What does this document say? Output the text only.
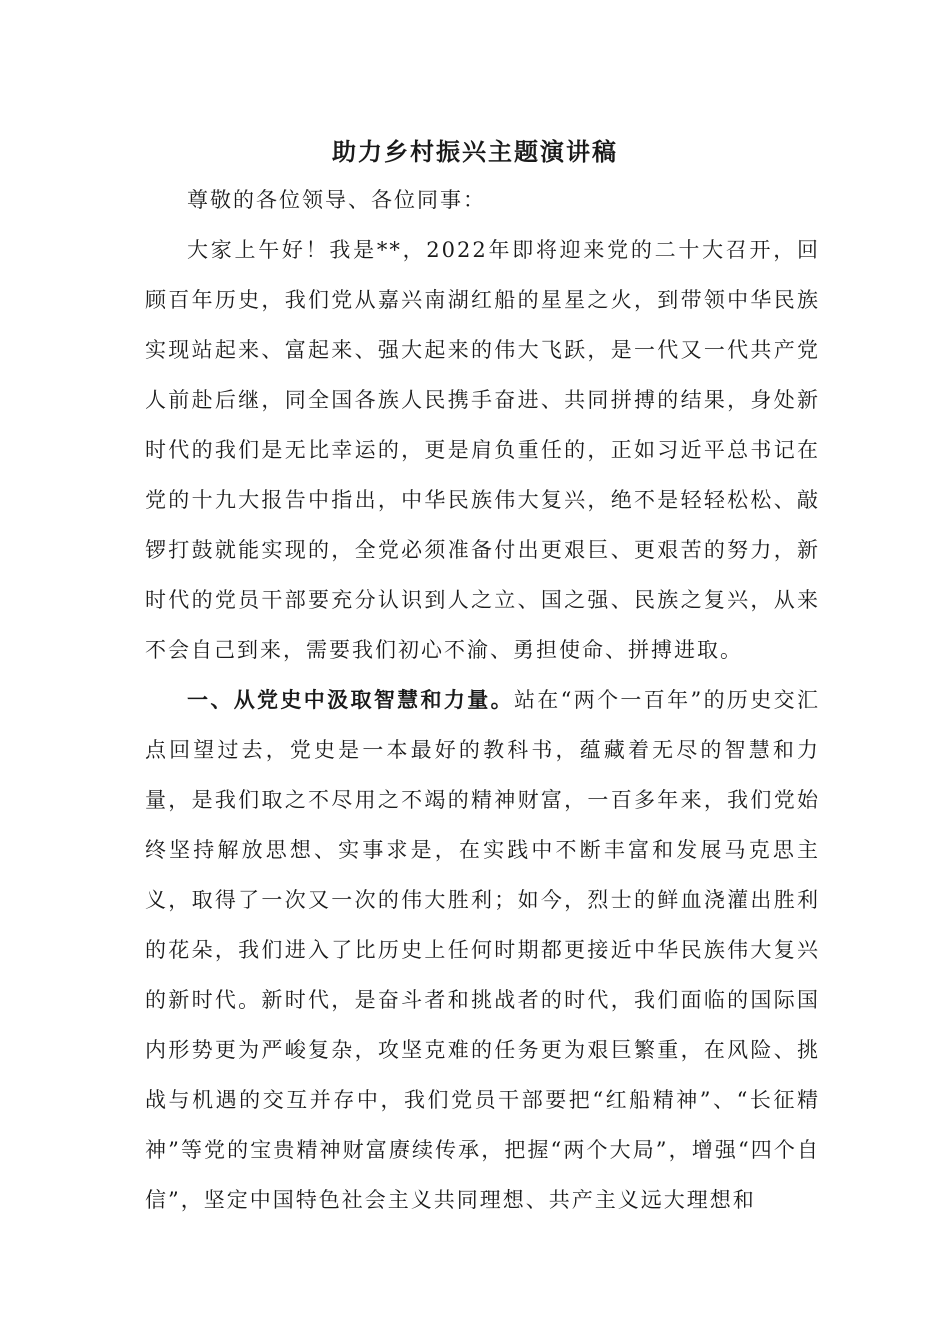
助力乡村振兴主题演讲稿

尊敬的各位领导、各位同事：

大家上午好！我是**，2022年即将迎来党的二十大召开，回顾百年历史，我们党从嘉兴南湖红船的星星之火，到带领中华民族实现站起来、富起来、强大起来的伟大飞跃，是一代又一代共产党人前赴后继，同全国各族人民携手奋进、共同拼搏的结果，身处新时代的我们是无比幸运的，更是肩负重任的，正如习近平总书记在党的十九大报告中指出，中华民族伟大复兴，绝不是轻轻松松、敲锣打鼓就能实现的，全党必须准备付出更艰巨、更艰苦的努力，新时代的党员干部要充分认识到人之立、国之强、民族之复兴，从来不会自己到来，需要我们初心不渝、勇担使命、拼搏进取。

一、从党史中汲取智慧和力量。站在“两个一百年”的历史交汇点回望过去，党史是一本最好的教科书，蕴藏着无尽的智慧和力量，是我们取之不尽用之不竭的精神财富，一百多年来，我们党始终坚持解放思想、实事求是，在实践中不断丰富和发展马克思主义，取得了一次又一次的伟大胜利；如今，烈士的鲜血浇灌出胜利的花朵，我们进入了比历史上任何时期都更接近中华民族伟大复兴的新时代。新时代，是奋斗者和挑战者的时代，我们面临的国际国内形势更为严峻复杂，攻坚克难的任务更为艰巨繁重，在风险、挑战与机遇的交互并存中，我们党员干部要把“红船精神”、“长征精神”等党的宝贵精神财富赓续传承，把握“两个大局”，增强“四个自信”，坚定中国特色社会主义共同理想、共产主义远大理想和
